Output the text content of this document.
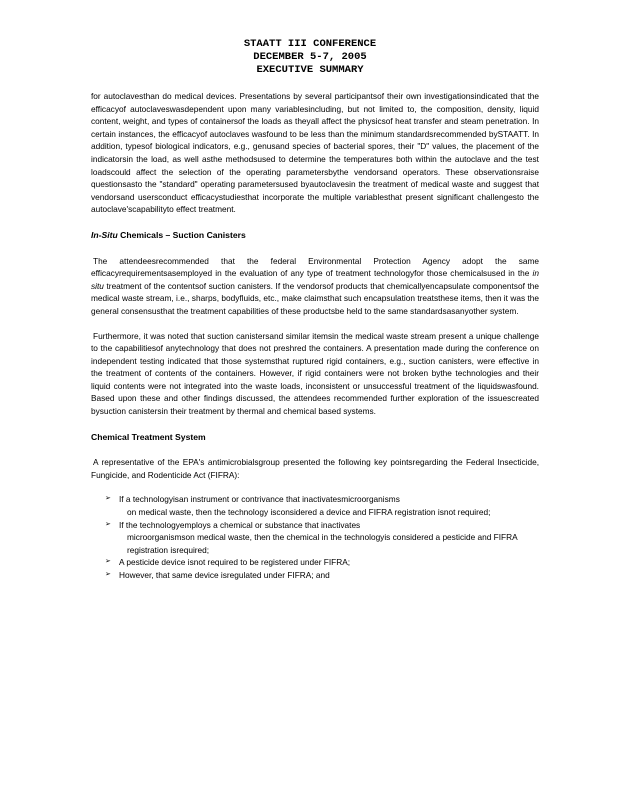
STAATT III CONFERENCE
DECEMBER 5-7, 2005
EXECUTIVE SUMMARY

for autoclavesthan do medical devices. Presentations by several participantsof their own investigationsindicated that the efficacyof autoclaveswasdependent upon many variablesincluding, but not limited to, the composition, density, liquid content, weight, and types of containersof the loads as theyall affect the physicsof heat transfer and steam penetration. In certain instances, the efficacyof autoclaves wasfound to be less than the minimum standardsrecommended bySTAATT. In addition, typesof biological indicators, e.g., genusand species of bacterial spores, their "D" values, the placement of the indicatorsin the load, as well asthe methodsused to determine the temperatures both within the autoclave and the test loadscould affect the selection of the operating parametersbythe vendorsand operators. These observationsraise questionsasto the "standard" operating parametersused byautoclavesin the treatment of medical waste and suggest that vendorsand usersconduct efficacystudiesthat incorporate the multiple variablesthat present significant challengesto the autoclave'scapabilityto effect treatment.

In-Situ Chemicals – Suction Canisters

The attendeesrecommended that the federal Environmental Protection Agency adopt the same efficacyrequirementsasemployed in the evaluation of any type of treatment technologyfor those chemicalsused in the in situ treatment of the contentsof suction canisters. If the vendorsof products that chemicallyencapsulate componentsof the medical waste stream, i.e., sharps, bodyfluids, etc., make claimsthat such encapsulation treatsthese items, then it was the general consensusthat the treatment capabilities of these productsbe held to the same standardsasanyother system.

Furthermore, it was noted that suction canistersand similar itemsin the medical waste stream present a unique challenge to the capabilitiesof anytechnology that does not preshred the containers. A presentation made during the conference on independent testing indicated that those systemsthat ruptured rigid containers, e.g., suction canisters, were effective in the treatment of contents of the containers. However, if rigid containers were not broken bythe technologies and their liquid contents were not integrated into the waste loads, inconsistent or unsuccessful treatment of the liquidswasfound. Based upon these and other findings discussed, the attendees recommended further exploration of the issuescreated bysuction canistersin their treatment by thermal and chemical based systems.

Chemical Treatment System

A representative of the EPA's antimicrobialsgroup presented the following key pointsregarding the Federal Insecticide, Fungicide, and Rodenticide Act (FIFRA):

➢ If a technologyisan instrument or contrivance that inactivatesmicroorganisms
on medical waste, then the technology isconsidered a device and FIFRA registration isnot required;
➢ If the technologyemploys a chemical or substance that inactivates
microorganismson medical waste, then the chemical in the technologyis considered a pesticide and FIFRA registration isrequired;
➢ A pesticide device isnot required to be registered under FIFRA;
➢ However, that same device isregulated under FIFRA; and
